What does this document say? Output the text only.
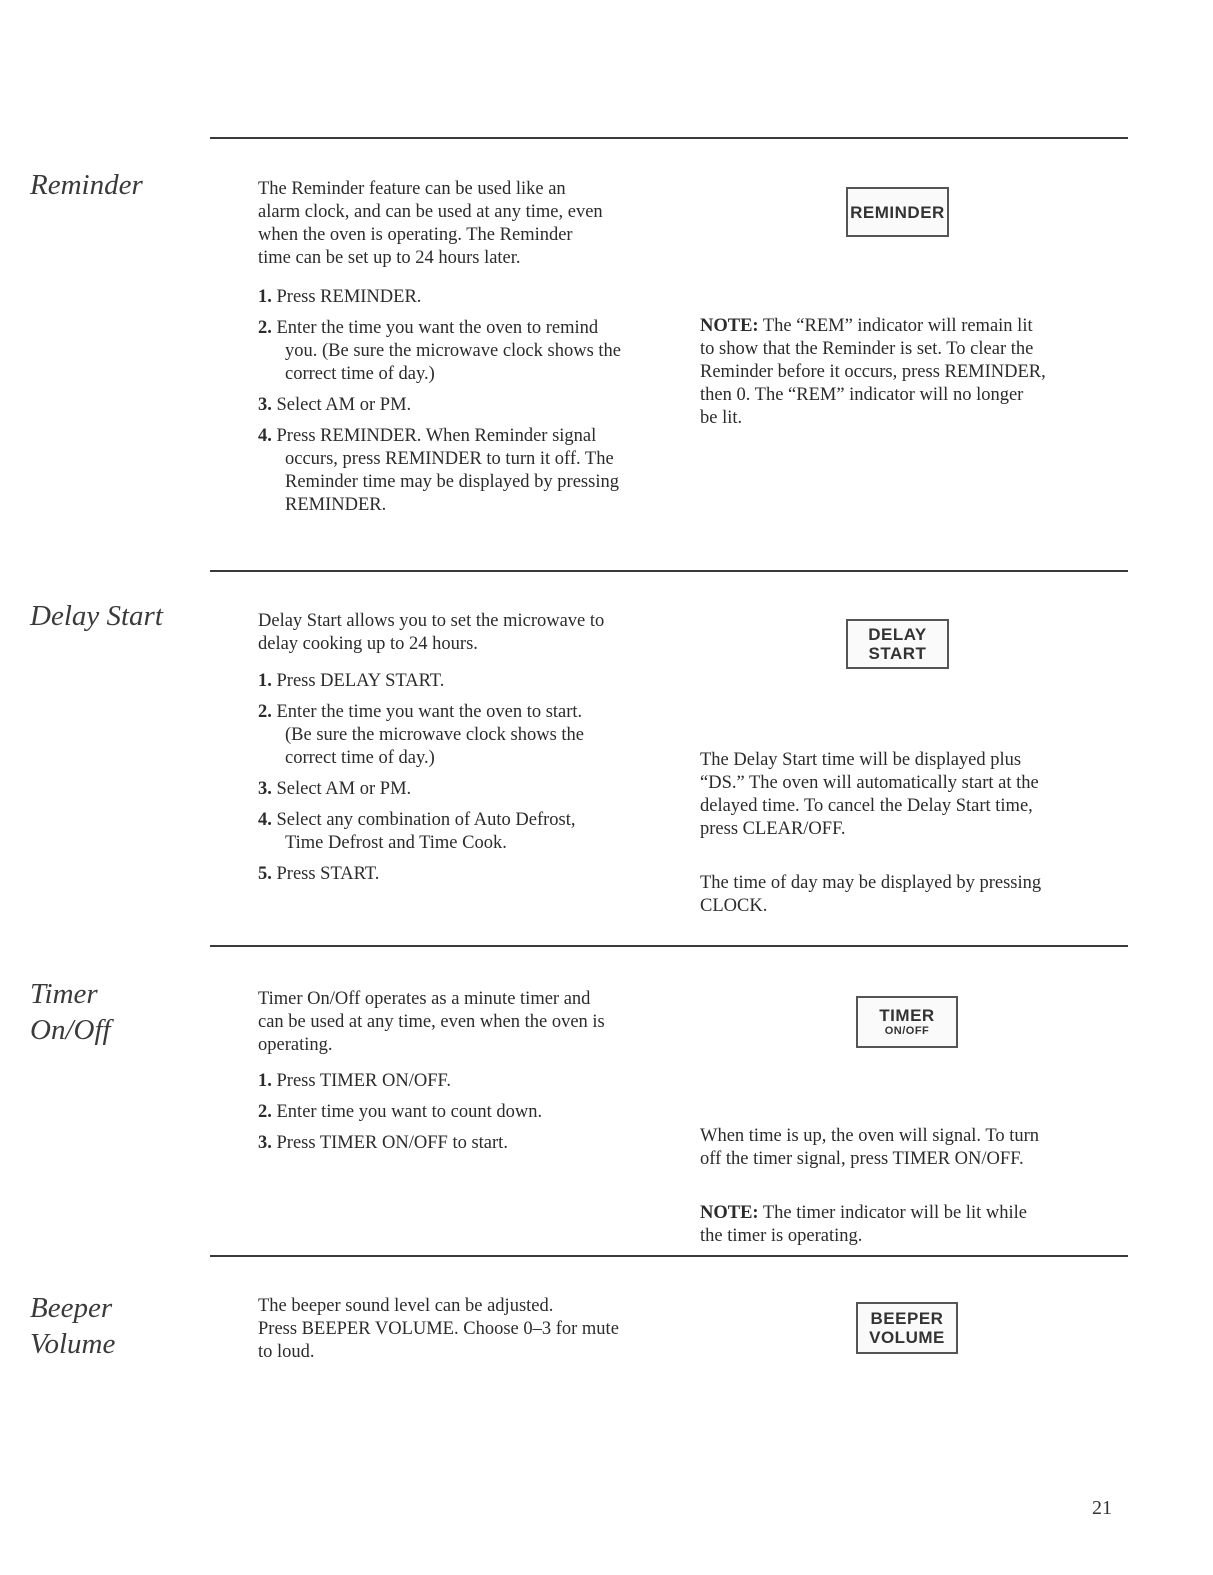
Reminder	The Reminder feature can be used like an
alarm clock, and can be used at any time, even
when the oven is operating. The Reminder
time can be set up to 24 hours later.
1. Press REMINDER.
2. Enter the time you want the oven to remind
you. (Be sure the microwave clock shows the
correct time of day.)
3. Select AM or PM.
4. Press REMINDER. When Reminder signal
occurs, press REMINDER to turn it off. The
Reminder time may be displayed by pressing
REMINDER.
REMINDER

NOTE: The “REM” indicator will remain lit
to show that the Reminder is set. To clear the
Reminder before it occurs, press REMINDER,
then 0. The “REM” indicator will no longer
be lit.

Delay Start	Delay Start allows you to set the microwave to
delay cooking up to 24 hours.
1. Press DELAY START.
2. Enter the time you want the oven to start.
(Be sure the microwave clock shows the
correct time of day.)
3. Select AM or PM.
4. Select any combination of Auto Defrost,
Time Defrost and Time Cook.
5. Press START.
DELAY
START

The Delay Start time will be displayed plus
“DS.” The oven will automatically start at the
delayed time. To cancel the Delay Start time,
press CLEAR/OFF.

The time of day may be displayed by pressing
CLOCK.

Timer
On/Off
Timer On/Off operates as a minute timer and
can be used at any time, even when the oven is
operating.
1. Press TIMER ON/OFF.
2. Enter time you want to count down.
3. Press TIMER ON/OFF to start.
TIMER
ON/OFF

When time is up, the oven will signal. To turn
off the timer signal, press TIMER ON/OFF.

NOTE: The timer indicator will be lit while
the timer is operating.

Beeper
Volume
The beeper sound level can be adjusted.
Press BEEPER VOLUME. Choose 0–3 for mute
to loud.
BEEPER
VOLUME
21
